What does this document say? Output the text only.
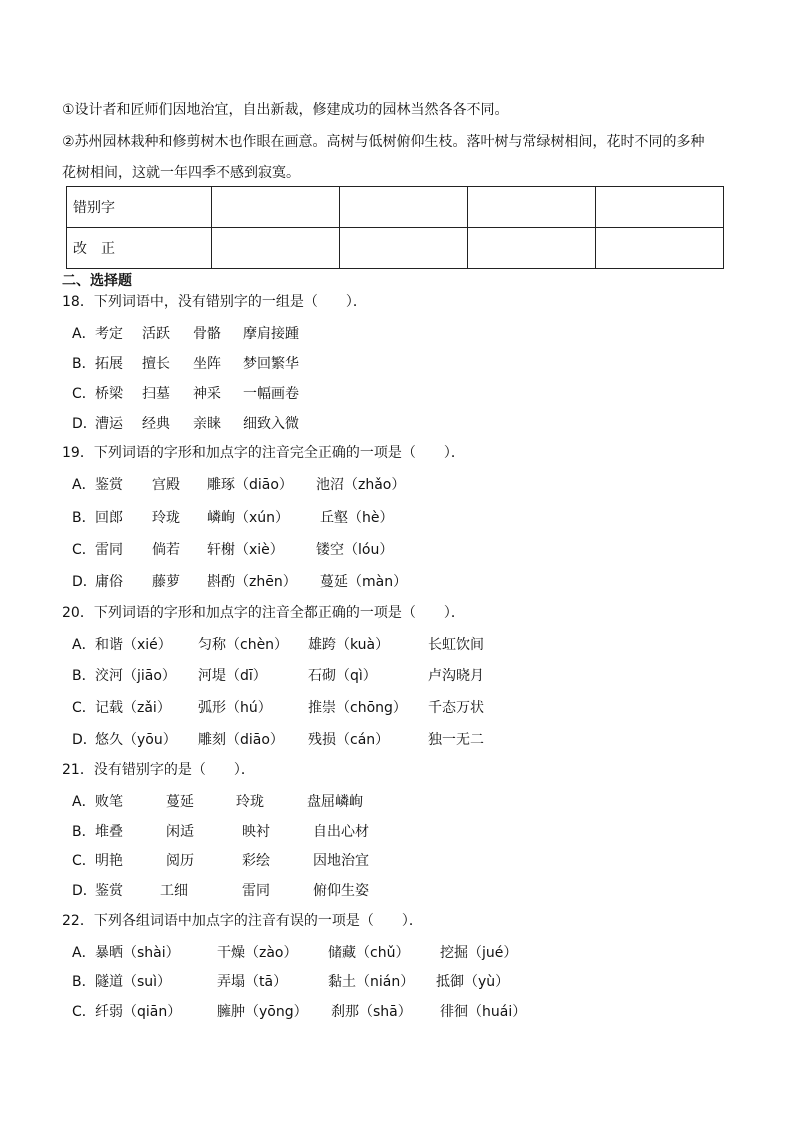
①设计者和匠师们因地治宜，自出新裁，修建成功的园林当然各各不同。
②苏州园林栽种和修剪树木也作眼在画意。高树与低树俯仰生枝。落叶树与常绿树相间，花时不同的多种
花树相间，这就一年四季不感到寂寞。
错别字				
改　正				
二、选择题
18．下列词语中，没有错别字的一组是（　　）．
A． 考定 活跃 骨骼 摩肩接踵
B． 拓展 擅长 坐阵 梦回繁华
C． 桥梁 扫墓 神采 一幅画卷
D．
漕运 经典 亲睐 细致入微
19．下列词语的字形和加点字的注音完全正确的一项是（　　）．
A． 鉴赏 宫殿 雕琢（diāo） 池沼（zhǎo）
B． 回郎 玲珑 嶙峋（xún） 丘壑（hè）
C． 雷同 倘若 轩榭（xiè） 镂空（lóu）
D．
庸俗 藤萝 斟酌（zhēn） 蔓延（màn）
20．下列词语的字形和加点字的注音全都正确的一项是（　　）．
A． 和谐（xié） 匀称（chèn） 雄跨（kuà）	长虹饮间
B． 洨河（jiāo） 河堤（dī）	石砌（qì）	卢沟晓月
C． 记载（zǎi） 弧形（hú）	推崇（chōng） 千态万状
D．
悠久（yōu） 雕刻（diāo） 残损（cán）	独一无二
21．没有错别字的是（　　）．
A． 败笔	蔓延	玲珑	盘屈嶙峋
B． 堆叠	闲适	映衬	自出心材
C． 明艳	阅历	彩绘	因地治宜
D．
鉴赏	工细	雷同	俯仰生姿
22．下列各组词语中加点字的注音有误的一项是（　　）．
A． 暴晒（shài）	干燥（zào） 储藏（chǔ） 挖掘（jué）
B． 隧道（suì）	弄塌（tā）	黏土（nián） 抵御（yù）
C． 纤弱（qiān）	臃肿（yōng） 刹那（shā） 徘徊（huái）
